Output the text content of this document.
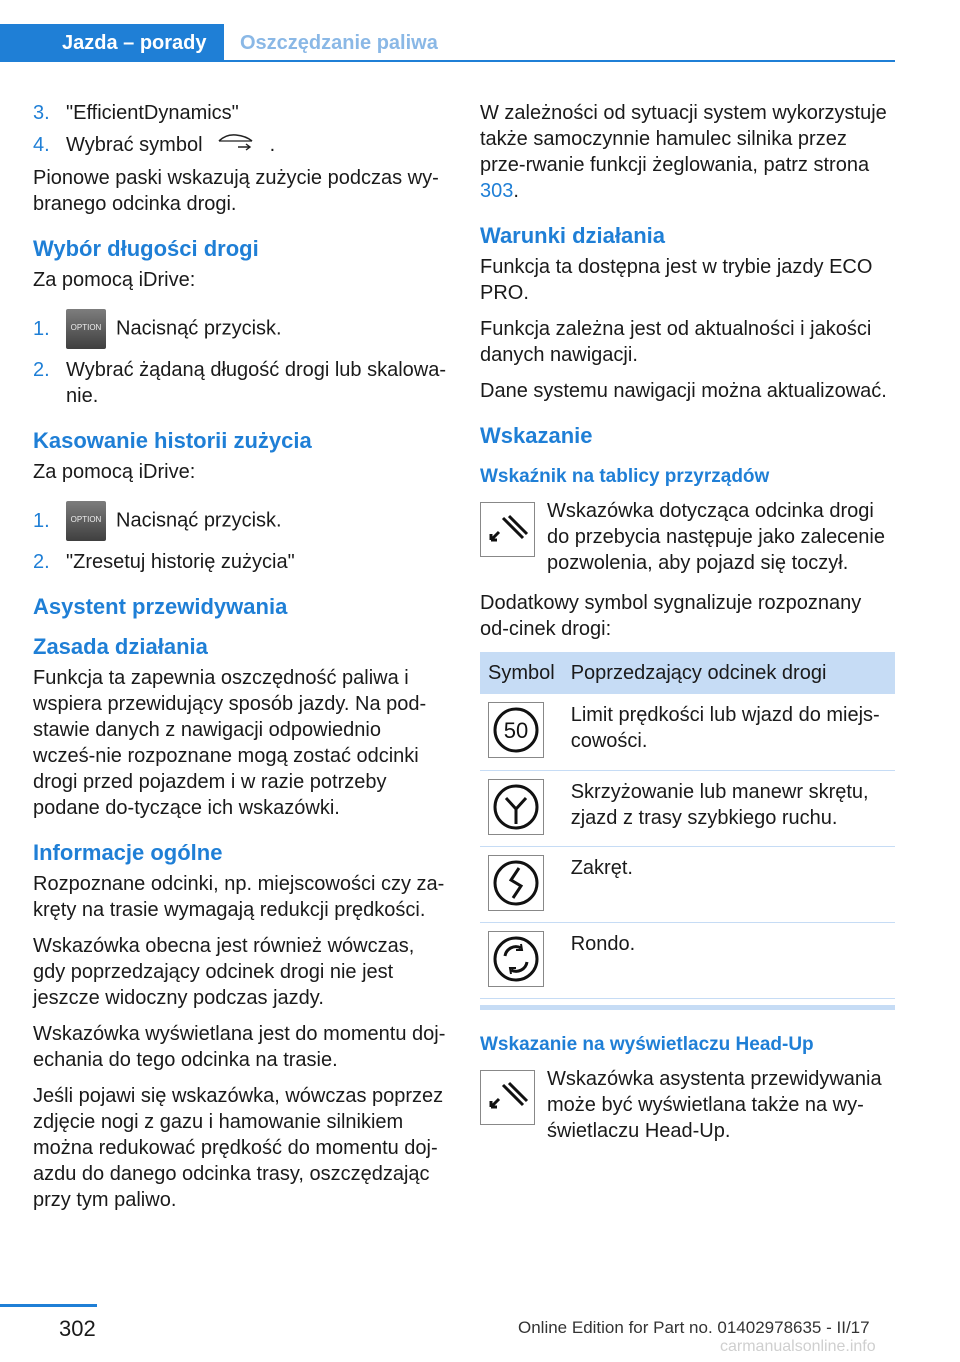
Jazda – porady	Oszczędzanie paliwa
3. "EfficientDynamics"
4. Wybrać symbol	.

Pionowe paski wskazują zużycie podczas wy-branego odcinka drogi.

Wybór długości drogi

Za pomocą iDrive:

1.	OPTION Nacisnąć przycisk.
2. Wybrać żądaną długość drogi lub skalowa-nie.
Kasowanie historii zużycia

Za pomocą iDrive:

1.	OPTION Nacisnąć przycisk.
2. "Zresetuj historię zużycia"
Asystent przewidywania
Zasada działania

Funkcja ta zapewnia oszczędność paliwa i wspiera przewidujący sposób jazdy. Na pod-stawie danych z nawigacji odpowiednio wcześ-nie rozpoznane mogą zostać odcinki drogi przed pojazdem i w razie potrzeby podane do-tyczące ich wskazówki.

Informacje ogólne

Rozpoznane odcinki, np. miejscowości czy za-kręty na trasie wymagają redukcji prędkości.

Wskazówka obecna jest również wówczas, gdy poprzedzający odcinek drogi nie jest jeszcze widoczny podczas jazdy.

Wskazówka wyświetlana jest do momentu doj-echania do tego odcinka na trasie.

Jeśli pojawi się wskazówka, wówczas poprzez zdjęcie nogi z gazu i hamowanie silnikiem można redukować prędkość do momentu doj-azdu do danego odcinka trasy, oszczędzając przy tym paliwo.

W zależności od sytuacji system wykorzystuje także samoczynnie hamulec silnika przez prze-rwanie funkcji żeglowania, patrz strona 303.

Warunki działania

Funkcja ta dostępna jest w trybie jazdy ECO PRO.

Funkcja zależna jest od aktualności i jakości danych nawigacji.

Dane systemu nawigacji można aktualizować.

Wskazanie
Wskaźnik na tablicy przyrządów
Wskazówka dotycząca odcinka drogi do przebycia następuje jako zalecenie pozwolenia, aby pojazd się toczył.

Dodatkowy symbol sygnalizuje rozpoznany od-cinek drogi:

Symbol	Poprzedzający odcinek drogi

50	Limit prędkości lub wjazd do miejs-cowości.

	Skrzyżowanie lub manewr skrętu, zjazd z trasy szybkiego ruchu.

	Zakręt.

	Rondo.
Wskazanie na wyświetlaczu Head-Up
Wskazówka asystenta przewidywania może być wyświetlana także na wy-świetlaczu Head-Up.
302	Online Edition for Part no. 01402978635 - II/17
carmanualsonline.info
